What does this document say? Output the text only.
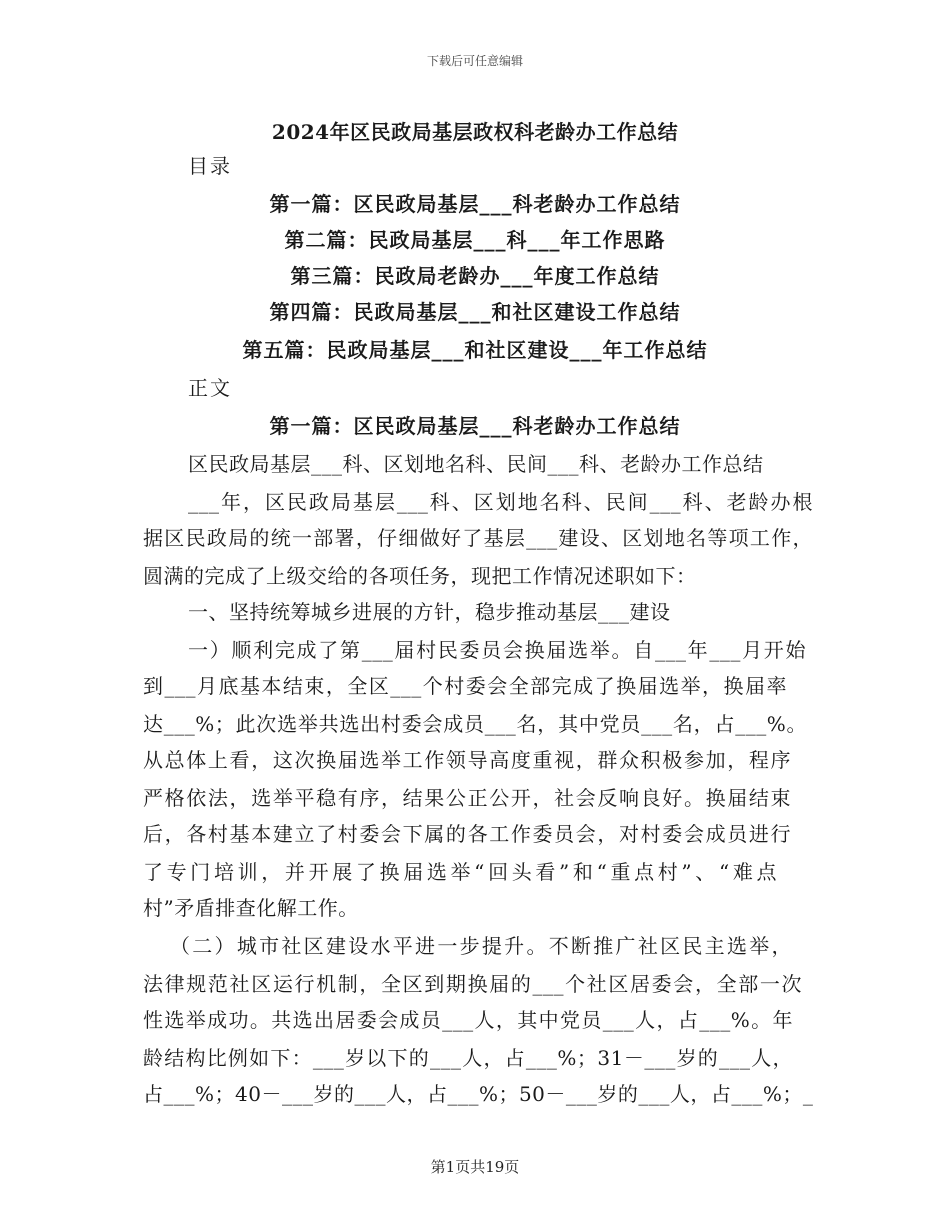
下载后可任意编辑
2024年区民政局基层政权科老龄办工作总结
目录
第一篇：区民政局基层___科老龄办工作总结
第二篇：民政局基层___科___年工作思路
第三篇：民政局老龄办___年度工作总结
第四篇：民政局基层___和社区建设工作总结
第五篇：民政局基层___和社区建设___年工作总结
正文
第一篇：区民政局基层___科老龄办工作总结
区民政局基层___科、区划地名科、民间___科、老龄办工作总结
___年，区民政局基层___科、区划地名科、民间___科、老龄办根
据区民政局的统一部署，仔细做好了基层___建设、区划地名等项工作，
圆满的完成了上级交给的各项任务，现把工作情况述职如下：
一、坚持统筹城乡进展的方针，稳步推动基层___建设
一）顺利完成了第___届村民委员会换届选举。自___年___月开始
到___月底基本结束，全区___个村委会全部完成了换届选举，换届率
达___%；此次选举共选出村委会成员___名，其中党员___名，占___%。
从总体上看，这次换届选举工作领导高度重视，群众积极参加，程序
严格依法，选举平稳有序，结果公正公开，社会反响良好。换届结束
后，各村基本建立了村委会下属的各工作委员会，对村委会成员进行
了专门培训，并开展了换届选举“回头看”和“重点村”、“难点
村”矛盾排查化解工作。
（二）城市社区建设水平进一步提升。不断推广社区民主选举，
法律规范社区运行机制，全区到期换届的___个社区居委会，全部一次
性选举成功。共选出居委会成员___人，其中党员___人，占___%。年
龄结构比例如下：___岁以下的___人，占___%；31－___岁的___人，
占___%；40－___岁的___人，占___%；50－___岁的___人，占___%；_
第1页共19页
